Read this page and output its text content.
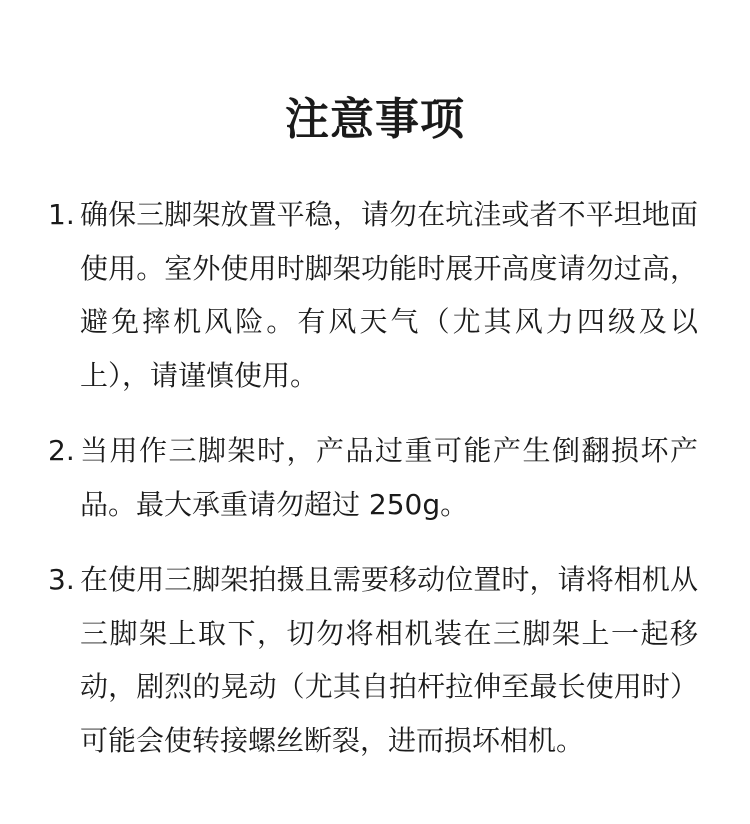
注意事项
1. 确保三脚架放置平稳，请勿在坑洼或者不平坦地面使用。室外使用时脚架功能时展开高度请勿过高，避免摔机风险。有风天气（尤其风力四级及以上），请谨慎使用。
2. 当用作三脚架时，产品过重可能产生倒翻损坏产品。最大承重请勿超过 250g。
3. 在使用三脚架拍摄且需要移动位置时，请将相机从三脚架上取下，切勿将相机装在三脚架上一起移动，剧烈的晃动（尤其自拍杆拉伸至最长使用时）可能会使转接螺丝断裂，进而损坏相机。
